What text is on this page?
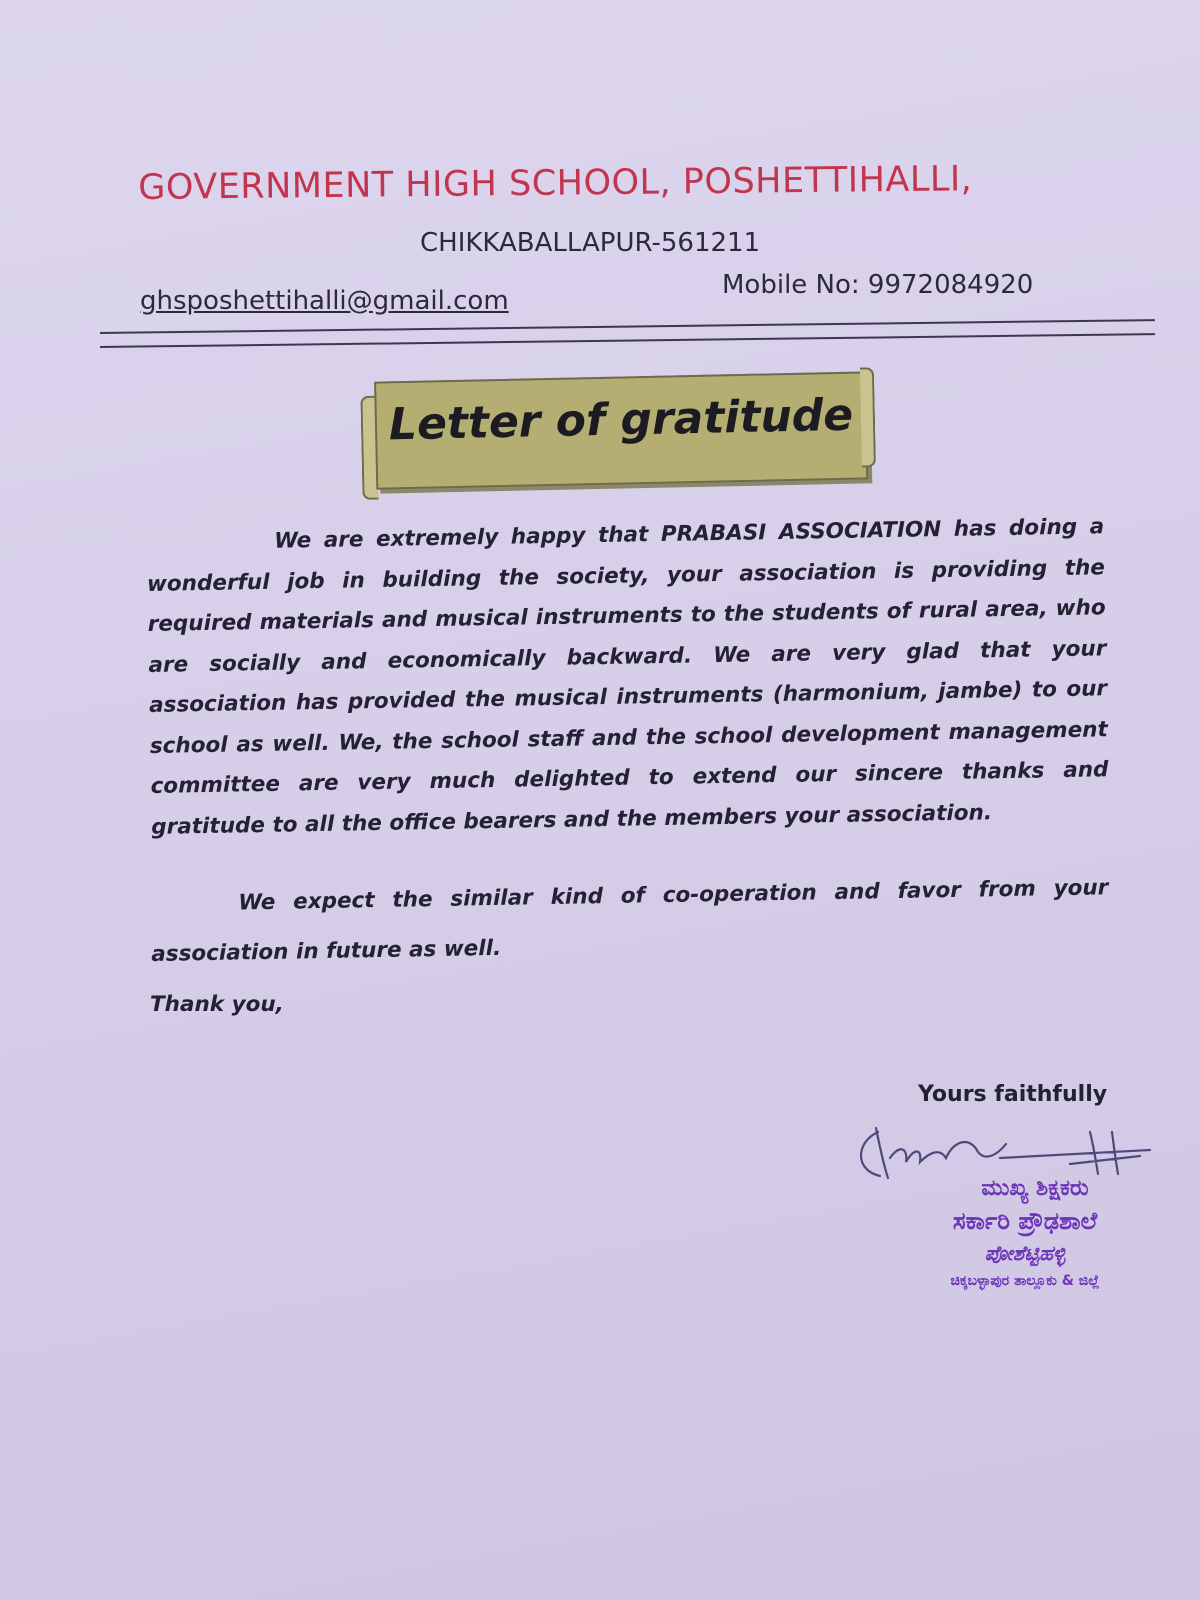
GOVERNMENT HIGH SCHOOL, POSHETTIHALLI,
CHIKKABALLAPUR-561211
ghsposhettihalli@gmail.com
Mobile No: 9972084920
Letter of gratitude
We are extremely happy that PRABASI ASSOCIATION has doing a wonderful job in building the society, your association is providing the required materials and musical instruments to the students of rural area, who are socially and economically backward. We are very glad that your association has provided the musical instruments (harmonium, jambe) to our school as well. We, the school staff and the school development management committee are very much delighted to extend our sincere thanks and gratitude to all the office bearers and the members your association.
We expect the similar kind of co-operation and favor from your association in future as well.
Thank you,
Yours faithfully
ಮುಖ್ಯ ಶಿಕ್ಷಕರು
ಸರ್ಕಾರಿ ಪ್ರೌಢಶಾಲೆ
ಪೋಶೆಟ್ಟಿಹಳ್ಳಿ
ಚಿಕ್ಕಬಳ್ಳಾಪುರ ತಾಲ್ಲೂಕು & ಜಿಲ್ಲೆ
